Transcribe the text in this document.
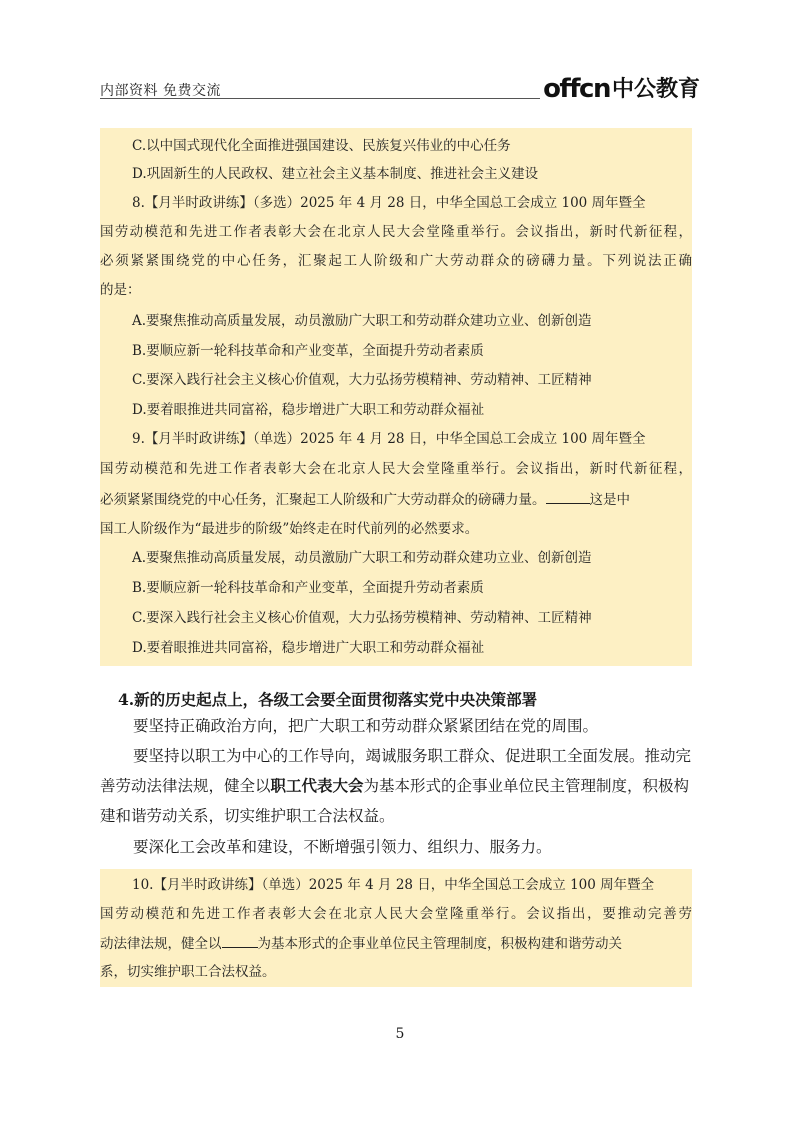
内部资料 免费交流	offcn 中公教育
C.以中国式现代化全面推进强国建设、民族复兴伟业的中心任务
D.巩固新生的人民政权、建立社会主义基本制度、推进社会主义建设
8.【月半时政讲练】（多选）2025 年 4 月 28 日，中华全国总工会成立 100 周年暨全
国劳动模范和先进工作者表彰大会在北京人民大会堂隆重举行。会议指出，新时代新征程，
必须紧紧围绕党的中心任务，汇聚起工人阶级和广大劳动群众的磅礴力量。下列说法正确
的是：
A.要聚焦推动高质量发展，动员激励广大职工和劳动群众建功立业、创新创造
B.要顺应新一轮科技革命和产业变革，全面提升劳动者素质
C.要深入践行社会主义核心价值观，大力弘扬劳模精神、劳动精神、工匠精神
D.要着眼推进共同富裕，稳步增进广大职工和劳动群众福祉
9.【月半时政讲练】（单选）2025 年 4 月 28 日，中华全国总工会成立 100 周年暨全
国劳动模范和先进工作者表彰大会在北京人民大会堂隆重举行。会议指出，新时代新征程，
必须紧紧围绕党的中心任务，汇聚起工人阶级和广大劳动群众的磅礴力量。	这是中
国工人阶级作为“最进步的阶级”始终走在时代前列的必然要求。
A.要聚焦推动高质量发展，动员激励广大职工和劳动群众建功立业、创新创造
B.要顺应新一轮科技革命和产业变革，全面提升劳动者素质
C.要深入践行社会主义核心价值观，大力弘扬劳模精神、劳动精神、工匠精神
D.要着眼推进共同富裕，稳步增进广大职工和劳动群众福祉
4.新的历史起点上，各级工会要全面贯彻落实党中央决策部署
要坚持正确政治方向，把广大职工和劳动群众紧紧团结在党的周围。
要坚持以职工为中心的工作导向，竭诚服务职工群众、促进职工全面发展。推动完
善劳动法律法规，健全以职工代表大会为基本形式的企事业单位民主管理制度，积极构
建和谐劳动关系，切实维护职工合法权益。
要深化工会改革和建设，不断增强引领力、组织力、服务力。
10.【月半时政讲练】（单选）2025 年 4 月 28 日，中华全国总工会成立 100 周年暨全
国劳动模范和先进工作者表彰大会在北京人民大会堂隆重举行。会议指出，要推动完善劳
动法律法规，健全以	为基本形式的企事业单位民主管理制度，积极构建和谐劳动关
系，切实维护职工合法权益。
5
